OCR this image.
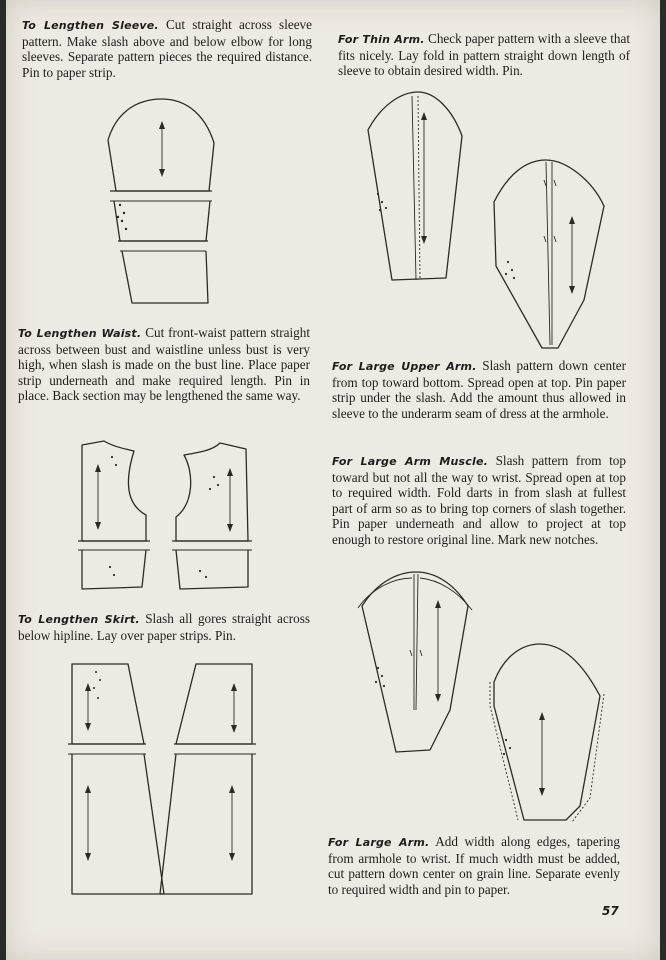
To Lengthen Sleeve. Cut straight across sleeve pattern. Make slash above and below elbow for long sleeves. Separate pattern pieces the required distance. Pin to paper strip.

To Lengthen Waist. Cut front-waist pattern straight across between bust and waistline unless bust is very high, when slash is made on the bust line. Place paper strip underneath and make required length. Pin in place. Back section may be lengthened the same way.

To Lengthen Skirt. Slash all gores straight across below hipline. Lay over paper strips. Pin.

For Thin Arm. Check paper pattern with a sleeve that fits nicely. Lay fold in pattern straight down length of sleeve to obtain desired width. Pin.

For Large Upper Arm. Slash pattern down center from top toward bottom. Spread open at top. Pin paper strip under the slash. Add the amount thus allowed in sleeve to the underarm seam of dress at the armhole.

For Large Arm Muscle. Slash pattern from top toward but not all the way to wrist. Spread open at top to required width. Fold darts in from slash at fullest part of arm so as to bring top corners of slash together. Pin paper underneath and allow to project at top enough to restore original line. Mark new notches.

For Large Arm. Add width along edges, tapering from armhole to wrist. If much width must be added, cut pattern down center on grain line. Separate evenly to required width and pin to paper.

57
